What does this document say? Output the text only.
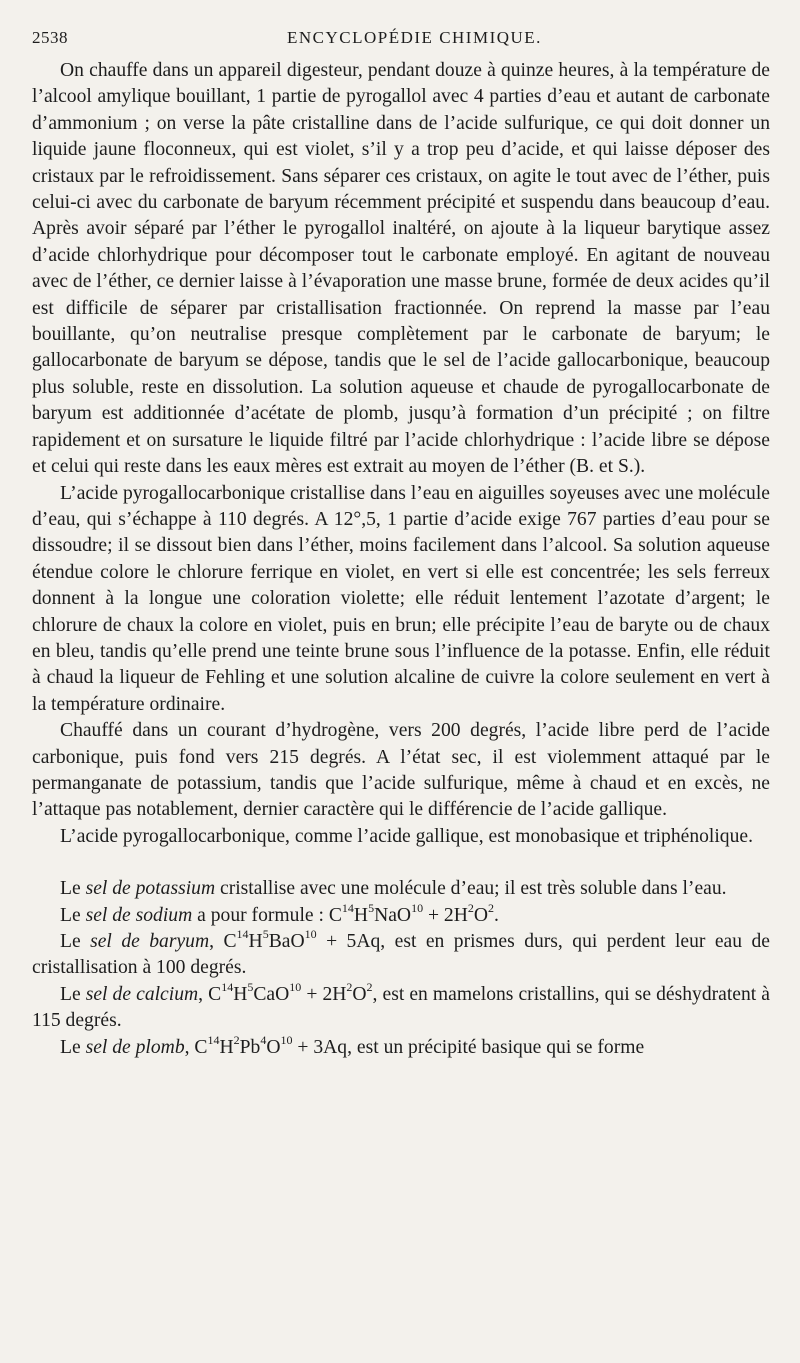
2538	ENCYCLOPÉDIE CHIMIQUE.

On chauffe dans un appareil digesteur, pendant douze à quinze heures, à la température de l’alcool amylique bouillant, 1 partie de pyrogallol avec 4 parties d’eau et autant de carbonate d’ammonium ; on verse la pâte cristalline dans de l’acide sulfurique, ce qui doit donner un liquide jaune floconneux, qui est violet, s’il y a trop peu d’acide, et qui laisse déposer des cristaux par le refroidissement. Sans séparer ces cristaux, on agite le tout avec de l’éther, puis celui-ci avec du carbonate de baryum récemment précipité et suspendu dans beaucoup d’eau. Après avoir séparé par l’éther le pyrogallol inaltéré, on ajoute à la liqueur barytique assez d’acide chlorhydrique pour décomposer tout le carbonate employé. En agitant de nouveau avec de l’éther, ce dernier laisse à l’évaporation une masse brune, formée de deux acides qu’il est difficile de séparer par cristallisation fractionnée. On reprend la masse par l’eau bouillante, qu’on neutralise presque complètement par le carbonate de baryum; le gallocarbonate de baryum se dépose, tandis que le sel de l’acide gallocarbonique, beaucoup plus soluble, reste en dissolution. La solution aqueuse et chaude de pyrogallocarbonate de baryum est additionnée d’acétate de plomb, jusqu’à formation d’un précipité ; on filtre rapidement et on sursature le liquide filtré par l’acide chlorhydrique : l’acide libre se dépose et celui qui reste dans les eaux mères est extrait au moyen de l’éther (B. et S.).

L’acide pyrogallocarbonique cristallise dans l’eau en aiguilles soyeuses avec une molécule d’eau, qui s’échappe à 110 degrés. A 12°,5, 1 partie d’acide exige 767 parties d’eau pour se dissoudre; il se dissout bien dans l’éther, moins facilement dans l’alcool. Sa solution aqueuse étendue colore le chlorure ferrique en violet, en vert si elle est concentrée; les sels ferreux donnent à la longue une coloration violette; elle réduit lentement l’azotate d’argent; le chlorure de chaux la colore en violet, puis en brun; elle précipite l’eau de baryte ou de chaux en bleu, tandis qu’elle prend une teinte brune sous l’influence de la potasse. Enfin, elle réduit à chaud la liqueur de Fehling et une solution alcaline de cuivre la colore seulement en vert à la température ordinaire.

Chauffé dans un courant d’hydrogène, vers 200 degrés, l’acide libre perd de l’acide carbonique, puis fond vers 215 degrés. A l’état sec, il est violemment attaqué par le permanganate de potassium, tandis que l’acide sulfurique, même à chaud et en excès, ne l’attaque pas notablement, dernier caractère qui le différencie de l’acide gallique.

L’acide pyrogallocarbonique, comme l’acide gallique, est monobasique et triphénolique.

Le sel de potassium cristallise avec une molécule d’eau; il est très soluble dans l’eau.

Le sel de sodium a pour formule : $C^{14}H^5NaO^{10} + 2H^2O^2$.

Le sel de baryum, $C^{14}H^5BaO^{10} + 5Aq$, est en prismes durs, qui perdent leur eau de cristallisation à 100 degrés.

Le sel de calcium, $C^{14}H^5CaO^{10} + 2H^2O^2$, est en mamelons cristallins, qui se déshydratent à 115 degrés.

Le sel de plomb, $C^{14}H^2Pb^4O^{10} + 3Aq$, est un précipité basique qui se forme
